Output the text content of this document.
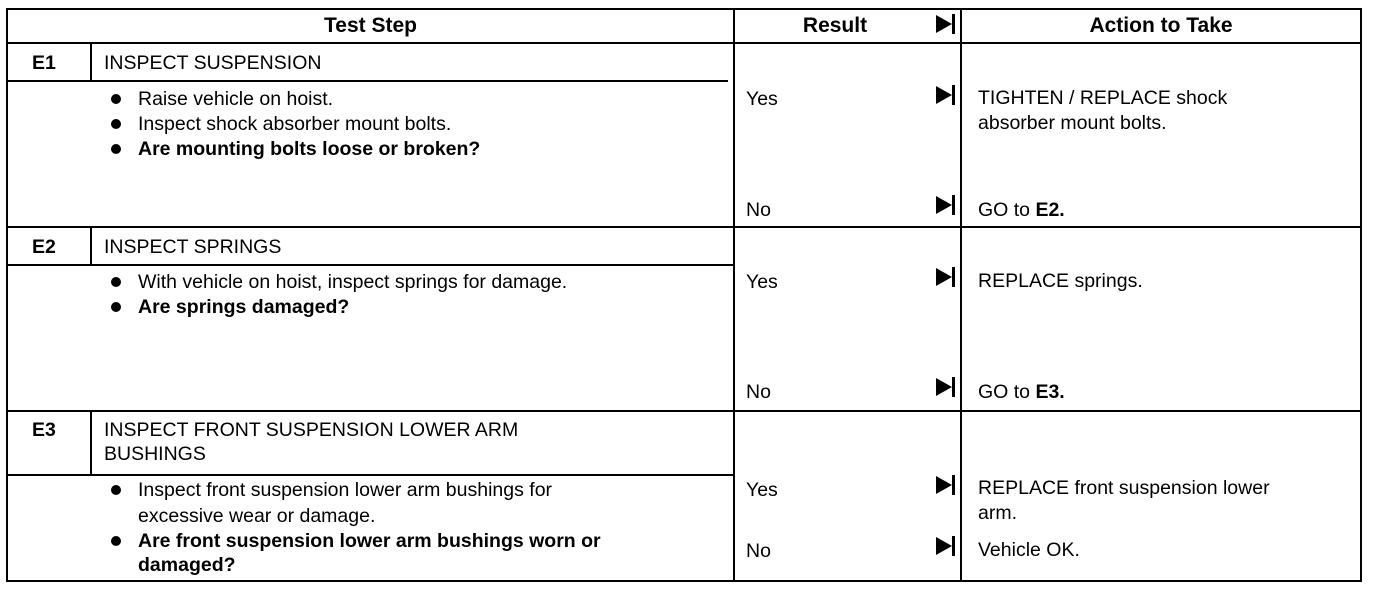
Test Step	Result	Action to Take
E1 INSPECT SUSPENSION
Raise vehicle on hoist.
Inspect shock absorber mount bolts.
Are mounting bolts loose or broken?
Yes	TIGHTEN / REPLACE shock
absorber mount bolts.
No	GO to E2.
E2 INSPECT SPRINGS
With vehicle on hoist, inspect springs for damage.
Are springs damaged?
Yes	REPLACE springs.
No	GO to E3.
E3 INSPECT FRONT SUSPENSION LOWER ARM
BUSHINGS
Inspect front suspension lower arm bushings for
excessive wear or damage.
Are front suspension lower arm bushings worn or
damaged?
Yes	REPLACE front suspension lower
arm.
No	Vehicle OK.
